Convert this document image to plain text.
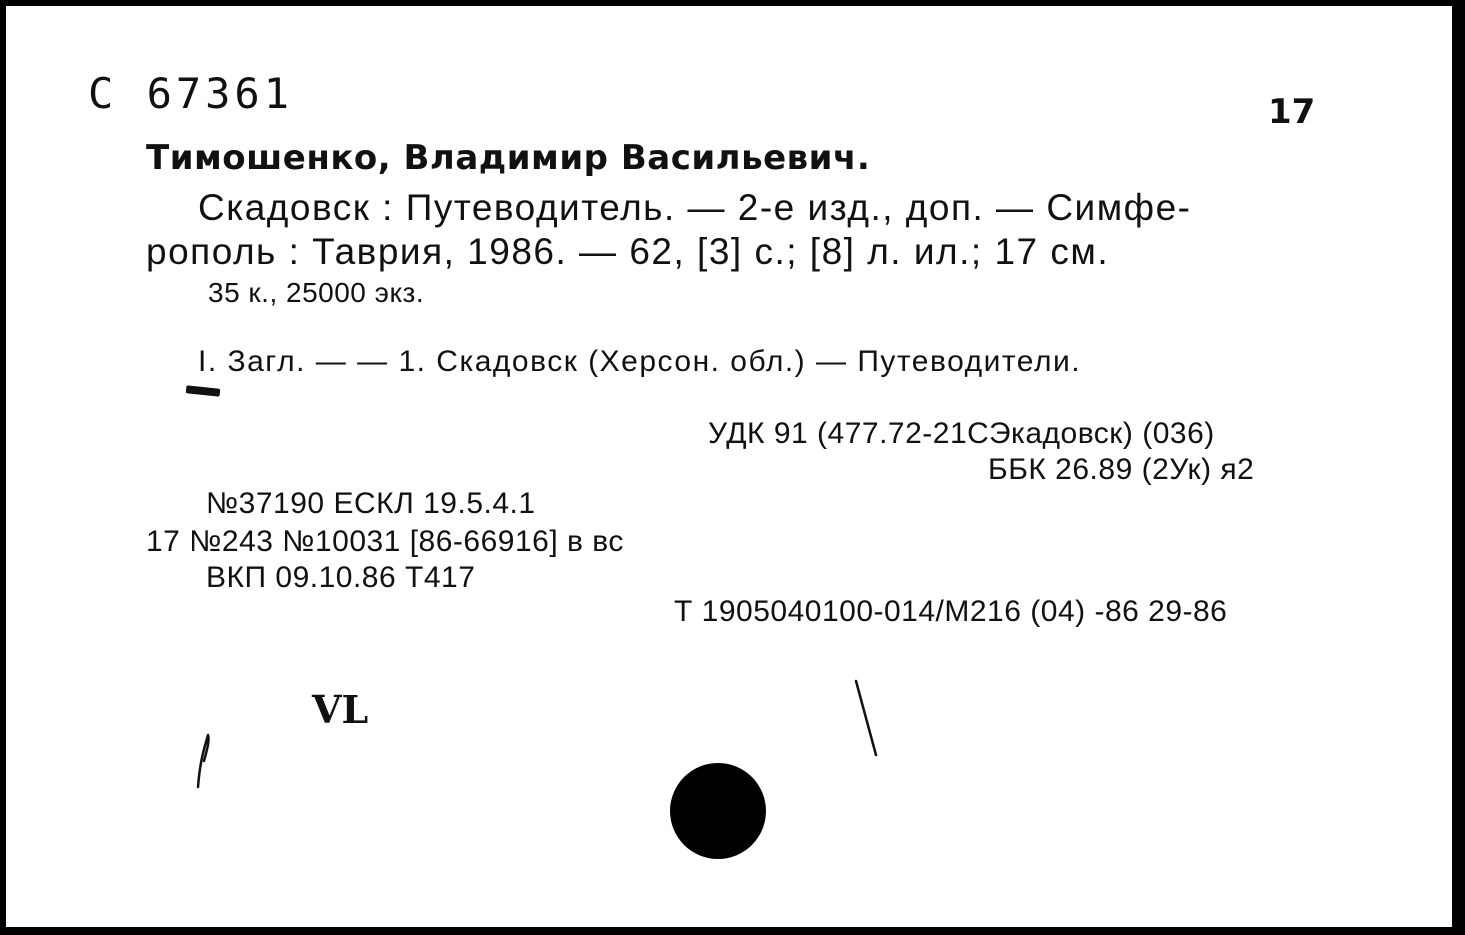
C 67361	17
Тимошенко, Владимир Васильевич.
Скадовск : Путеводитель. — 2-е изд., доп. — Симфе-
рополь : Таврия, 1986. — 62, [3] с.; [8] л. ил.; 17 см.
35 к., 25000 экз.
I. Загл. — — 1. Скадовск (Херсон. обл.) — Путеводители.
УДК 91 (477.72-21СЭкадовск) (036)
ББК 26.89 (2Ук) я2
№37190 ЕСКЛ 19.5.4.1
17 №243 №10031 [86-66916] в вс
ВКП 09.10.86 Т417
Т 1905040100-014/М216 (04) -86 29-86
VL
